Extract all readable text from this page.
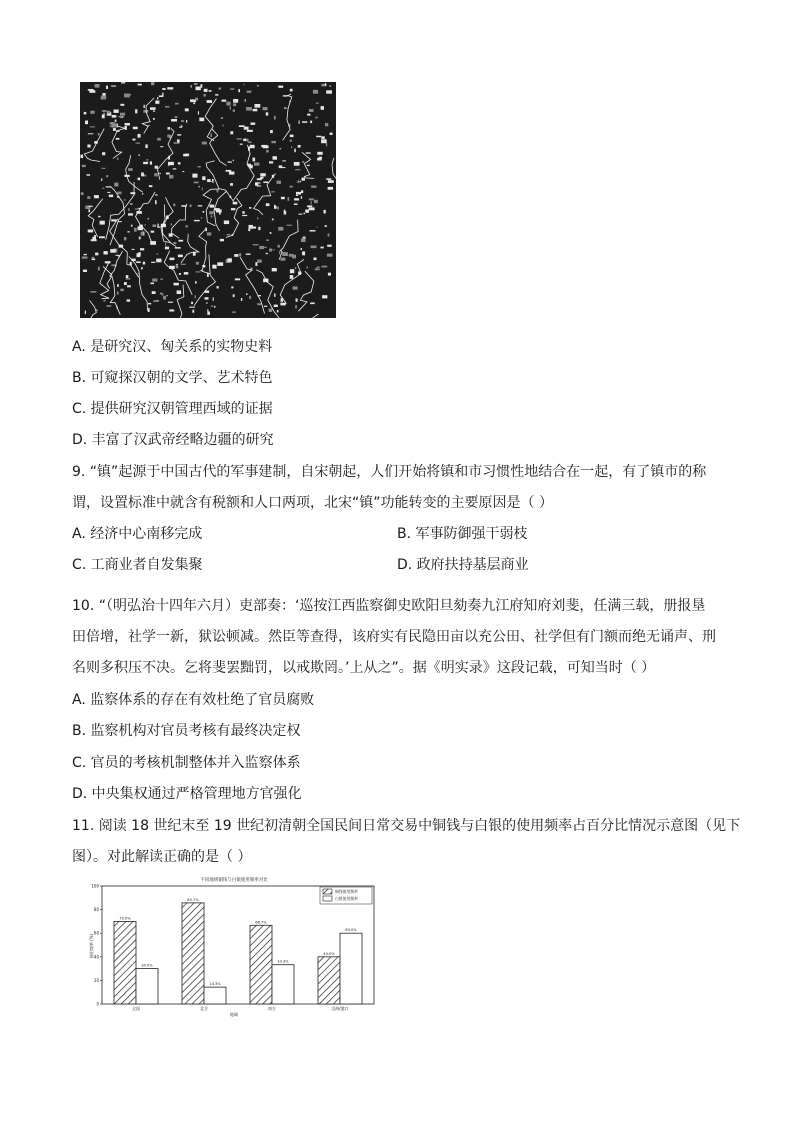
A. 是研究汉、匈关系的实物史料
B. 可窥探汉朝的文学、艺术特色
C. 提供研究汉朝管理西域的证据
D. 丰富了汉武帝经略边疆的研究
9. “镇”起源于中国古代的军事建制，自宋朝起，人们开始将镇和市习惯性地结合在一起，有了镇市的称
谓，设置标准中就含有税额和人口两项，北宋“镇”功能转变的主要原因是（ ）
A. 经济中心南移完成	B. 军事防御强干弱枝
C. 工商业者自发集聚	D. 政府扶持基层商业
10. “（明弘治十四年六月）吏部奏：‘巡按江西监察御史欧阳旦劾奏九江府知府刘斐，任满三载，册报垦
田倍增，社学一新，狱讼顿减。然臣等查得，该府实有民隐田亩以充公田、社学但有门额而绝无诵声、刑
名则多积压不决。乞将斐罢黜罚，以戒欺罔。’上从之”。据《明实录》这段记载，可知当时（ ）
A. 监察体系的存在有效杜绝了官员腐败
B. 监察机构对官员考核有最终决定权
C. 官员的考核机制整体并入监察体系
D. 中央集权通过严格管理地方官强化
11. 阅读 18 世纪末至 19 世纪初清朝全国民间日常交易中铜钱与白银的使用频率占百分比情况示意图（见下
图）。对此解读正确的是（ ）
不同地域铜钱与白银使用频率对比
使用频率 (%)
地域
0
20
40
60
80
100
全国	北方	南方	沿海/港口
70.0%
30.0%
85.7%
14.3%
66.7%
33.3%
40.0%
60.0%
铜钱使用频率
白银使用频率
